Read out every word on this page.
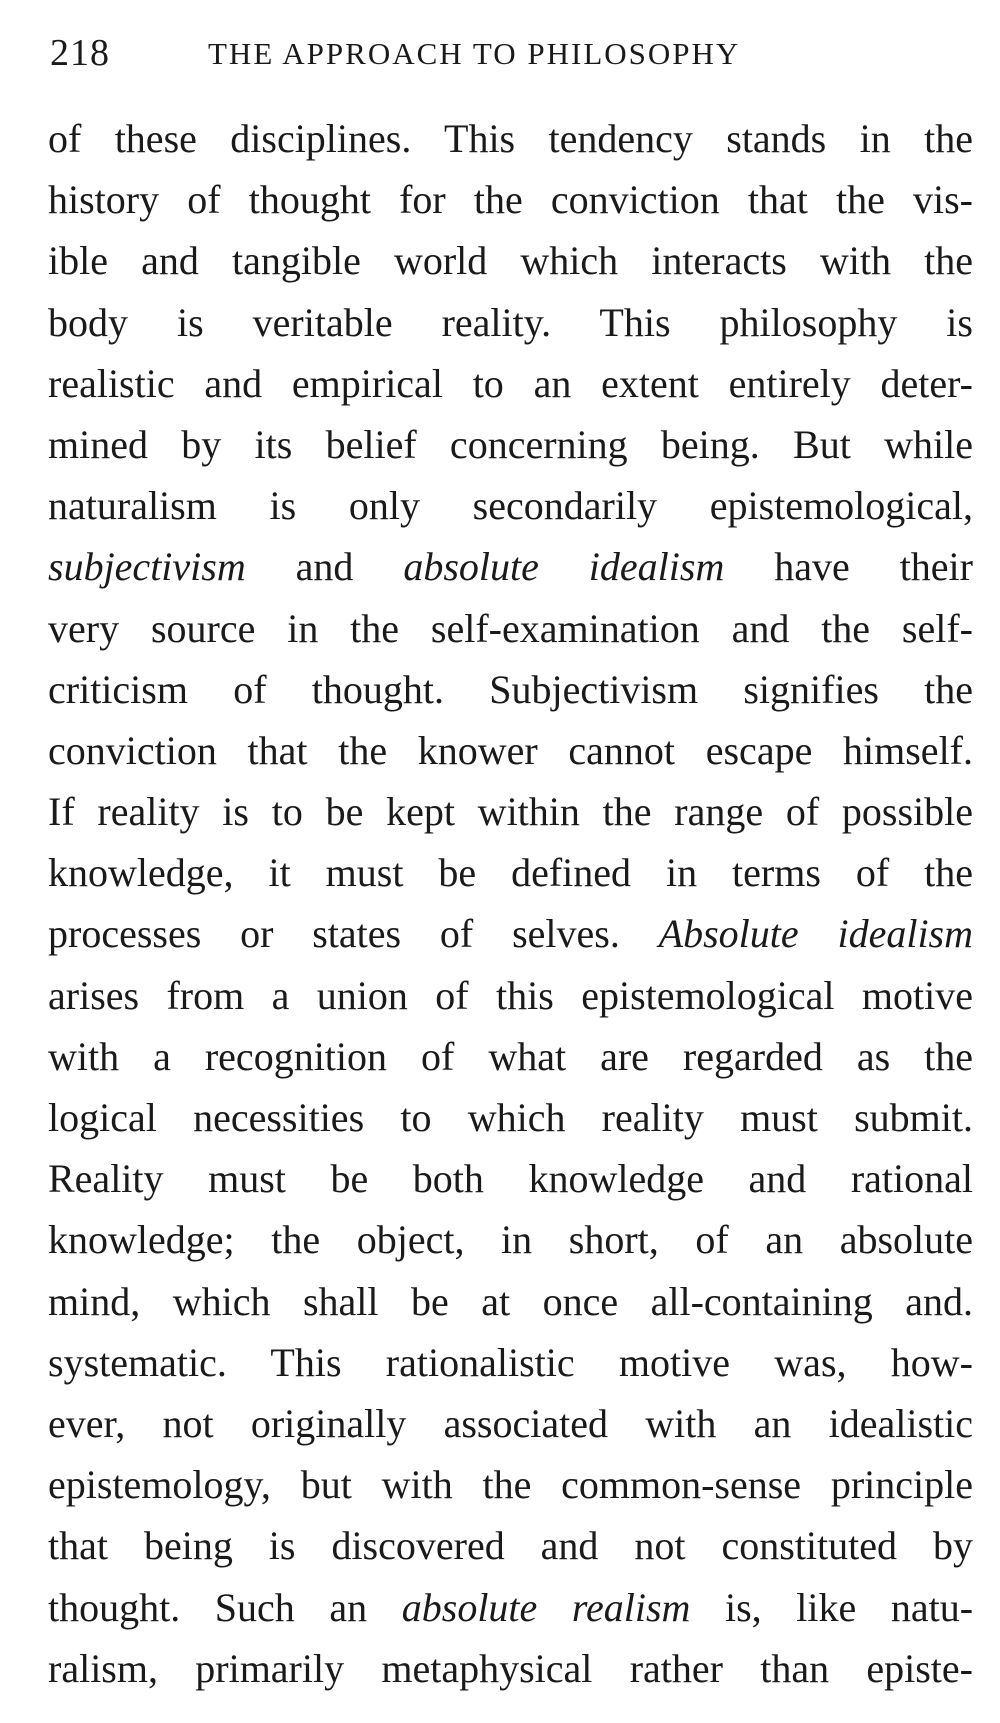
218	THE APPROACH TO PHILOSOPHY
of these disciplines. This tendency stands in the
history of thought for the conviction that the vis-
ible and tangible world which interacts with the
body is veritable reality. This philosophy is
realistic and empirical to an extent entirely deter-
mined by its belief concerning being. But while
naturalism is only secondarily epistemological,
subjectivism and absolute idealism have their
very source in the self-examination and the self-
criticism of thought. Subjectivism signifies the
conviction that the knower cannot escape himself.
If reality is to be kept within the range of possible
knowledge, it must be defined in terms of the
processes or states of selves. Absolute idealism
arises from a union of this epistemological motive
with a recognition of what are regarded as the
logical necessities to which reality must submit.
Reality must be both knowledge and rational
knowledge; the object, in short, of an absolute
mind, which shall be at once all-containing and.
systematic. This rationalistic motive was, how-
ever, not originally associated with an idealistic
epistemology, but with the common-sense principle
that being is discovered and not constituted by
thought. Such an absolute realism is, like natu-
ralism, primarily metaphysical rather than episte-
